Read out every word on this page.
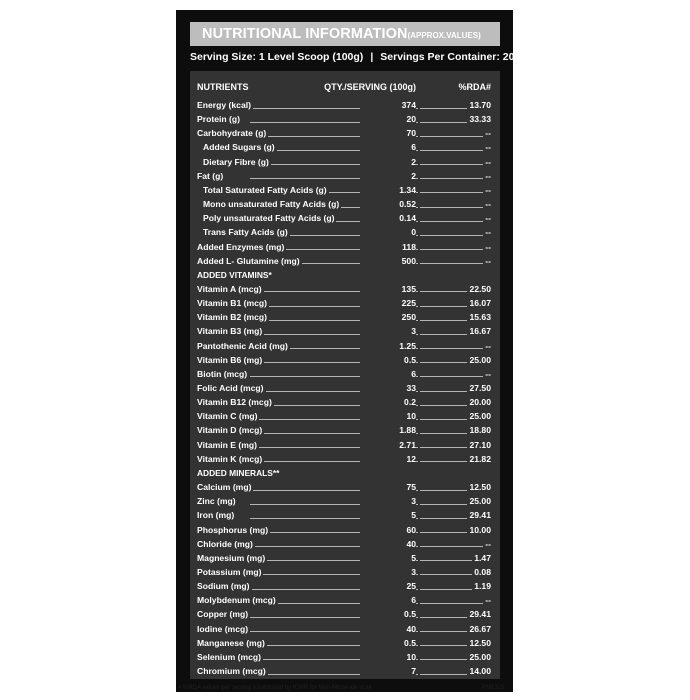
NUTRITIONAL INFORMATION(APPROX.VALUES)
Serving Size: 1 Level Scoop (100g) | Servings Per Container: 20
NUTRIENTS	QTY./SERVING (100g)	%RDA#
Energy (kcal)	374	13.70
Protein (g)	20	33.33
Carbohydrate (g)	70	--
Added Sugars (g)	6	--
Dietary Fibre (g)	2	--
Fat (g)	2	--
Total Saturated Fatty Acids (g)	1.34	--
Mono unsaturated Fatty Acids (g)	0.52	--
Poly unsaturated Fatty Acids (g)	0.14	--
Trans Fatty Acids (g)	0	--
Added Enzymes (mg)	118	--
Added L- Glutamine (mg)	500	--
ADDED VITAMINS*
Vitamin A (mcg)	135	22.50
Vitamin B1 (mcg)	225	16.07
Vitamin B2 (mcg)	250	15.63
Vitamin B3 (mg)	3	16.67
Pantothenic Acid (mg)	1.25	--
Vitamin B6 (mg)	0.5	25.00
Biotin (mcg)	6	--
Folic Acid (mcg)	33	27.50
Vitamin B12 (mcg)	0.2	20.00
Vitamin C (mg)	10	25.00
Vitamin D (mcg)	1.88	18.80
Vitamin E (mg)	2.71	27.10
Vitamin K (mcg)	12	21.82
ADDED MINERALS**
Calcium (mg)	75	12.50
Zinc (mg)	3	25.00
Iron (mg)	5	29.41
Phosphorus (mg)	60	10.00
Chloride (mg)	40	--
Magnesium (mg)	5	1.47
Potassium (mg)	3	0.08
Sodium (mg)	25	1.19
Molybdenum (mcg)	6	--
Copper (mg)	0.5	29.41
Iodine (mcg)	40	26.67
Manganese (mg)	0.5	12.50
Selenium (mcg)	10	25.00
Chromium (mcg)	7	14.00
# %RDA values per serving established by ICMR for Men-Moderate work	PM1325
